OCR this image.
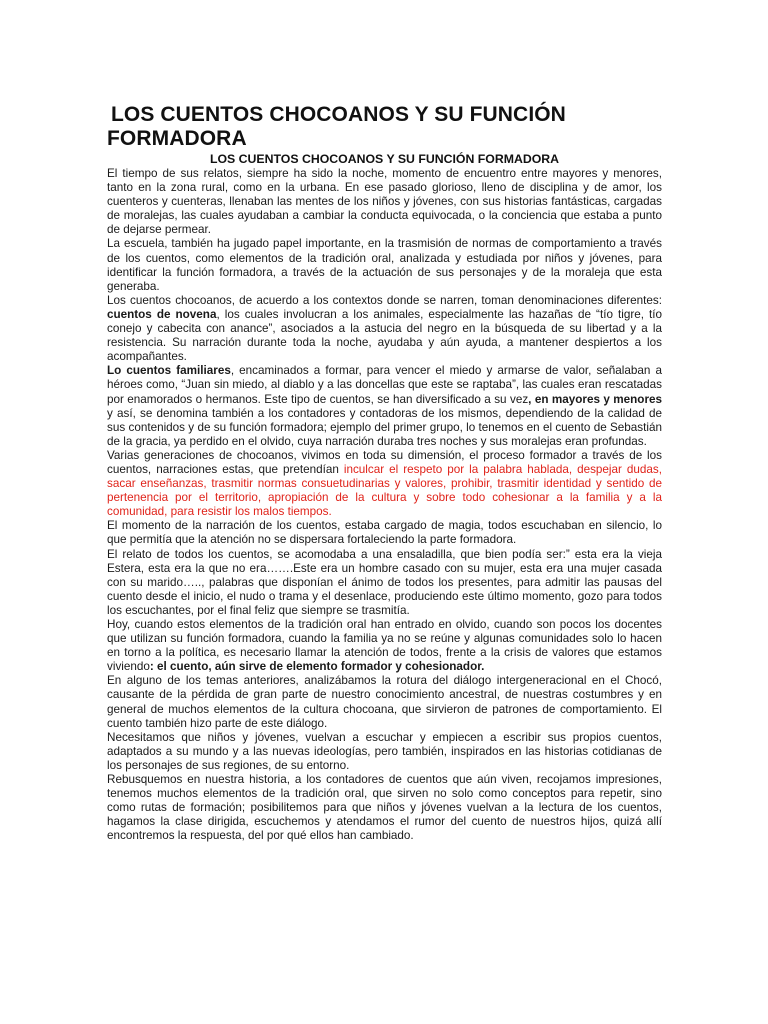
LOS CUENTOS CHOCOANOS Y SU FUNCIÓN
FORMADORA
LOS CUENTOS CHOCOANOS Y SU FUNCIÓN FORMADORA

El tiempo de sus relatos, siempre ha sido la noche, momento de encuentro entre mayores y menores, tanto en la zona rural, como en la urbana. En ese pasado glorioso, lleno de disciplina y de amor, los cuenteros y cuenteras, llenaban las mentes de los niños y jóvenes, con sus historias fantásticas, cargadas de moralejas, las cuales ayudaban a cambiar la conducta equivocada, o la conciencia que estaba a punto de dejarse permear.

La escuela, también ha jugado papel importante, en la trasmisión de normas de comportamiento a través de los cuentos, como elementos de la tradición oral, analizada y estudiada por niños y jóvenes, para identificar la función formadora, a través de la actuación de sus personajes y de la moraleja que esta generaba.

Los cuentos chocoanos, de acuerdo a los contextos donde se narren, toman denominaciones diferentes: cuentos de novena, los cuales involucran a los animales, especialmente las hazañas de “tío tigre, tío conejo y cabecita con anance”, asociados a la astucia del negro en la búsqueda de su libertad y a la resistencia. Su narración durante toda la noche, ayudaba y aún ayuda, a mantener despiertos a los acompañantes.

Lo cuentos familiares, encaminados a formar, para vencer el miedo y armarse de valor, señalaban a héroes como, “Juan sin miedo, al diablo y a las doncellas que este se raptaba”, las cuales eran rescatadas por enamorados o hermanos. Este tipo de cuentos, se han diversificado a su vez, en mayores y menores y así, se denomina también a los contadores y contadoras de los mismos, dependiendo de la calidad de sus contenidos y de su función formadora; ejemplo del primer grupo, lo tenemos en el cuento de Sebastián de la gracia, ya perdido en el olvido, cuya narración duraba tres noches y sus moralejas eran profundas.

Varias generaciones de chocoanos, vivimos en toda su dimensión, el proceso formador a través de los cuentos, narraciones estas, que pretendían inculcar el respeto por la palabra hablada, despejar dudas, sacar enseñanzas, trasmitir normas consuetudinarias y valores, prohibir, trasmitir identidad y sentido de pertenencia por el territorio, apropiación de la cultura y sobre todo cohesionar a la familia y a la comunidad, para resistir los malos tiempos.

El momento de la narración de los cuentos, estaba cargado de magia, todos escuchaban en silencio, lo que permitía que la atención no se dispersara fortaleciendo la parte formadora.

El relato de todos los cuentos, se acomodaba a una ensaladilla, que bien podía ser:” esta era la vieja Estera, esta era la que no era…….Este era un hombre casado con su mujer, esta era una mujer casada con su marido….., palabras que disponían el ánimo de todos los presentes, para admitir las pausas del cuento desde el inicio, el nudo o trama y el desenlace, produciendo este último momento, gozo para todos los escuchantes, por el final feliz que siempre se trasmitía.

Hoy, cuando estos elementos de la tradición oral han entrado en olvido, cuando son pocos los docentes que utilizan su función formadora, cuando la familia ya no se reúne y algunas comunidades solo lo hacen en torno a la política, es necesario llamar la atención de todos, frente a la crisis de valores que estamos viviendo: el cuento, aún sirve de elemento formador y cohesionador.

En alguno de los temas anteriores, analizábamos la rotura del diálogo intergeneracional en el Chocó, causante de la pérdida de gran parte de nuestro conocimiento ancestral, de nuestras costumbres y en general de muchos elementos de la cultura chocoana, que sirvieron de patrones de comportamiento. El cuento también hizo parte de este diálogo.

Necesitamos que niños y jóvenes, vuelvan a escuchar y empiecen a escribir sus propios cuentos, adaptados a su mundo y a las nuevas ideologías, pero también, inspirados en las historias cotidianas de los personajes de sus regiones, de su entorno.

Rebusquemos en nuestra historia, a los contadores de cuentos que aún viven, recojamos impresiones, tenemos muchos elementos de la tradición oral, que sirven no solo como conceptos para repetir, sino como rutas de formación; posibilitemos para que niños y jóvenes vuelvan a la lectura de los cuentos, hagamos la clase dirigida, escuchemos y atendamos el rumor del cuento de nuestros hijos, quizá allí encontremos la respuesta, del por qué ellos han cambiado.
